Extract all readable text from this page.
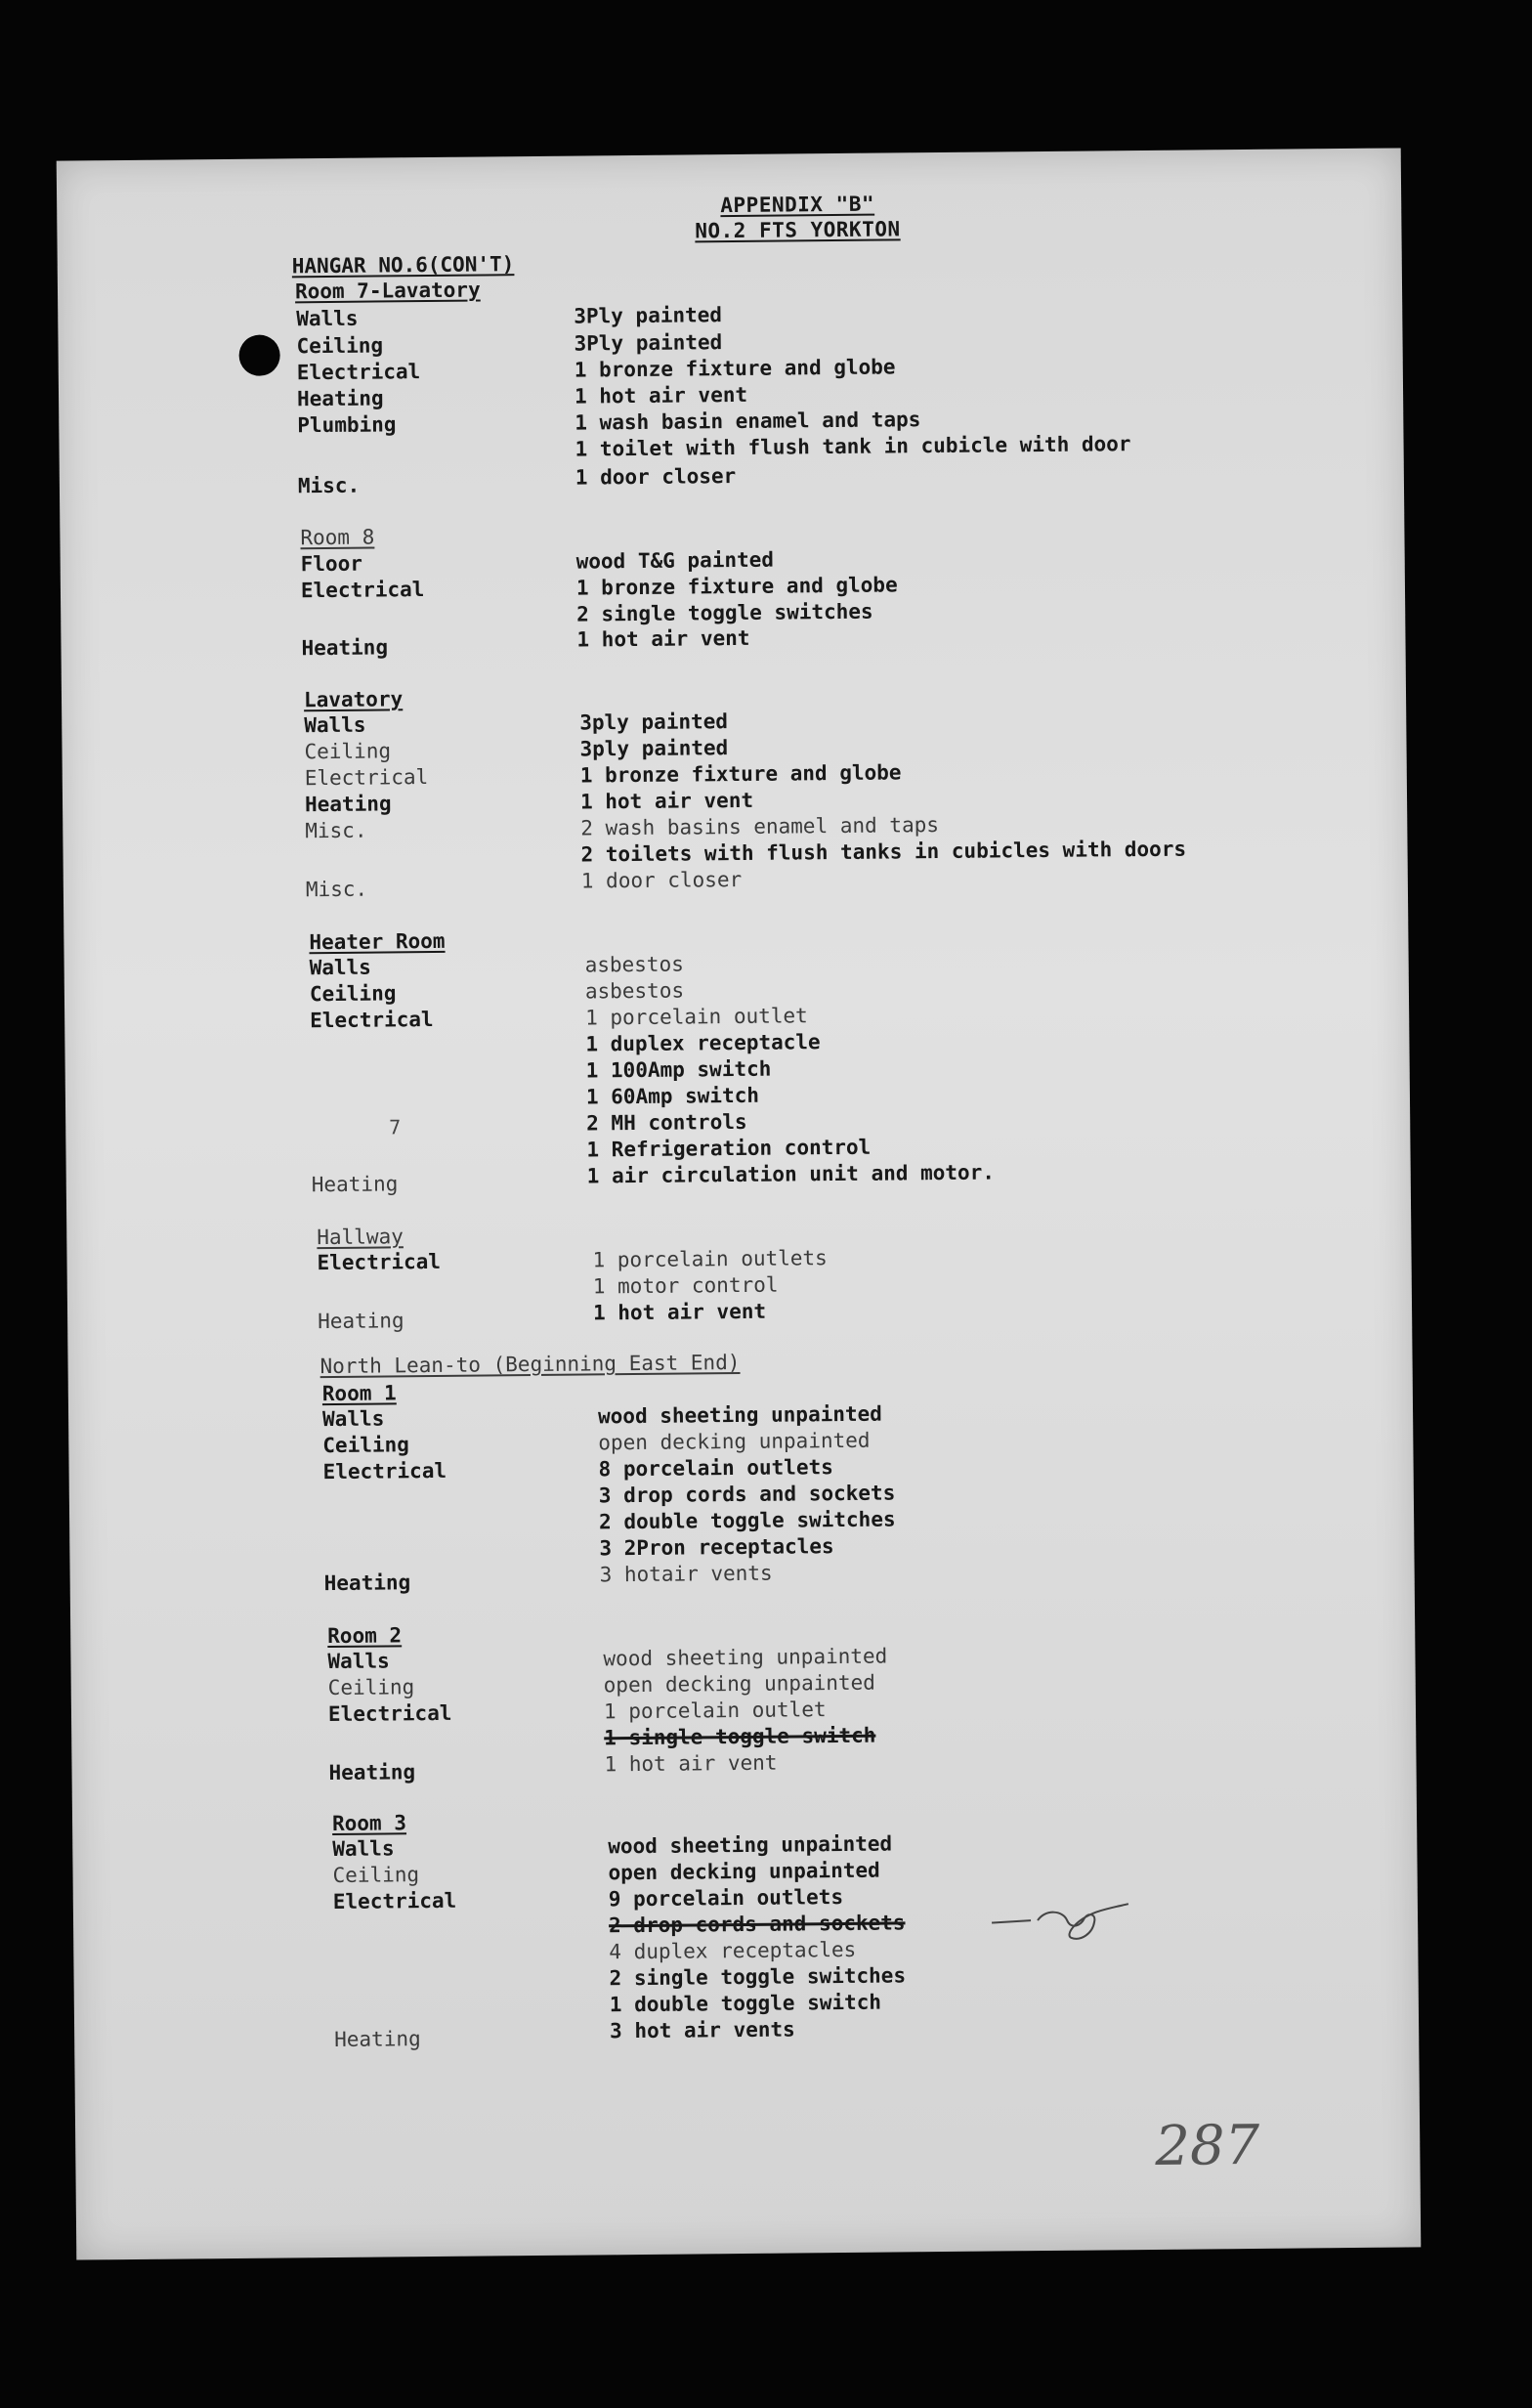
APPENDIX "B"
NO.2 FTS YORKTON
HANGAR NO.6(CON'T)
Room 7-Lavatory
Walls	3Ply painted
Ceiling	3Ply painted
Electrical	1 bronze fixture and globe
Heating	1 hot air vent
Plumbing	1 wash basin enamel and taps
1 toilet with flush tank in cubicle with door
Misc.	1 door closer
Room 8
Floor	wood T&G painted
Electrical	1 bronze fixture and globe
2 single toggle switches
Heating	1 hot air vent
Lavatory
Walls	3ply painted
Ceiling	3ply painted
Electrical	1 bronze fixture and globe
Heating	1 hot air vent
Misc.	2 wash basins enamel and taps
2 toilets with flush tanks in cubicles with doors
Misc.	1 door closer
Heater Room
Walls	asbestos
Ceiling	asbestos
Electrical	1 porcelain outlet
1 duplex receptacle
1 100Amp switch
1 60Amp switch
2 MH controls
1 Refrigeration control
Heating	1 air circulation unit and motor.
7
Hallway
Electrical	1 porcelain outlets
1 motor control
Heating	1 hot air vent
North Lean-to (Beginning East End)
Room 1
Walls	wood sheeting unpainted
Ceiling	open decking unpainted
Electrical	8 porcelain outlets
3 drop cords and sockets
2 double toggle switches
3 2Pron receptacles
Heating	3 hotair vents
Room 2
Walls	wood sheeting unpainted
Ceiling	open decking unpainted
Electrical	1 porcelain outlet
1 single toggle switch
Heating	1 hot air vent
Room 3
Walls	wood sheeting unpainted
Ceiling	open decking unpainted
Electrical	9 porcelain outlets
2 drop cords and sockets
4 duplex receptacles
2 single toggle switches
1 double toggle switch
Heating	3 hot air vents
287
